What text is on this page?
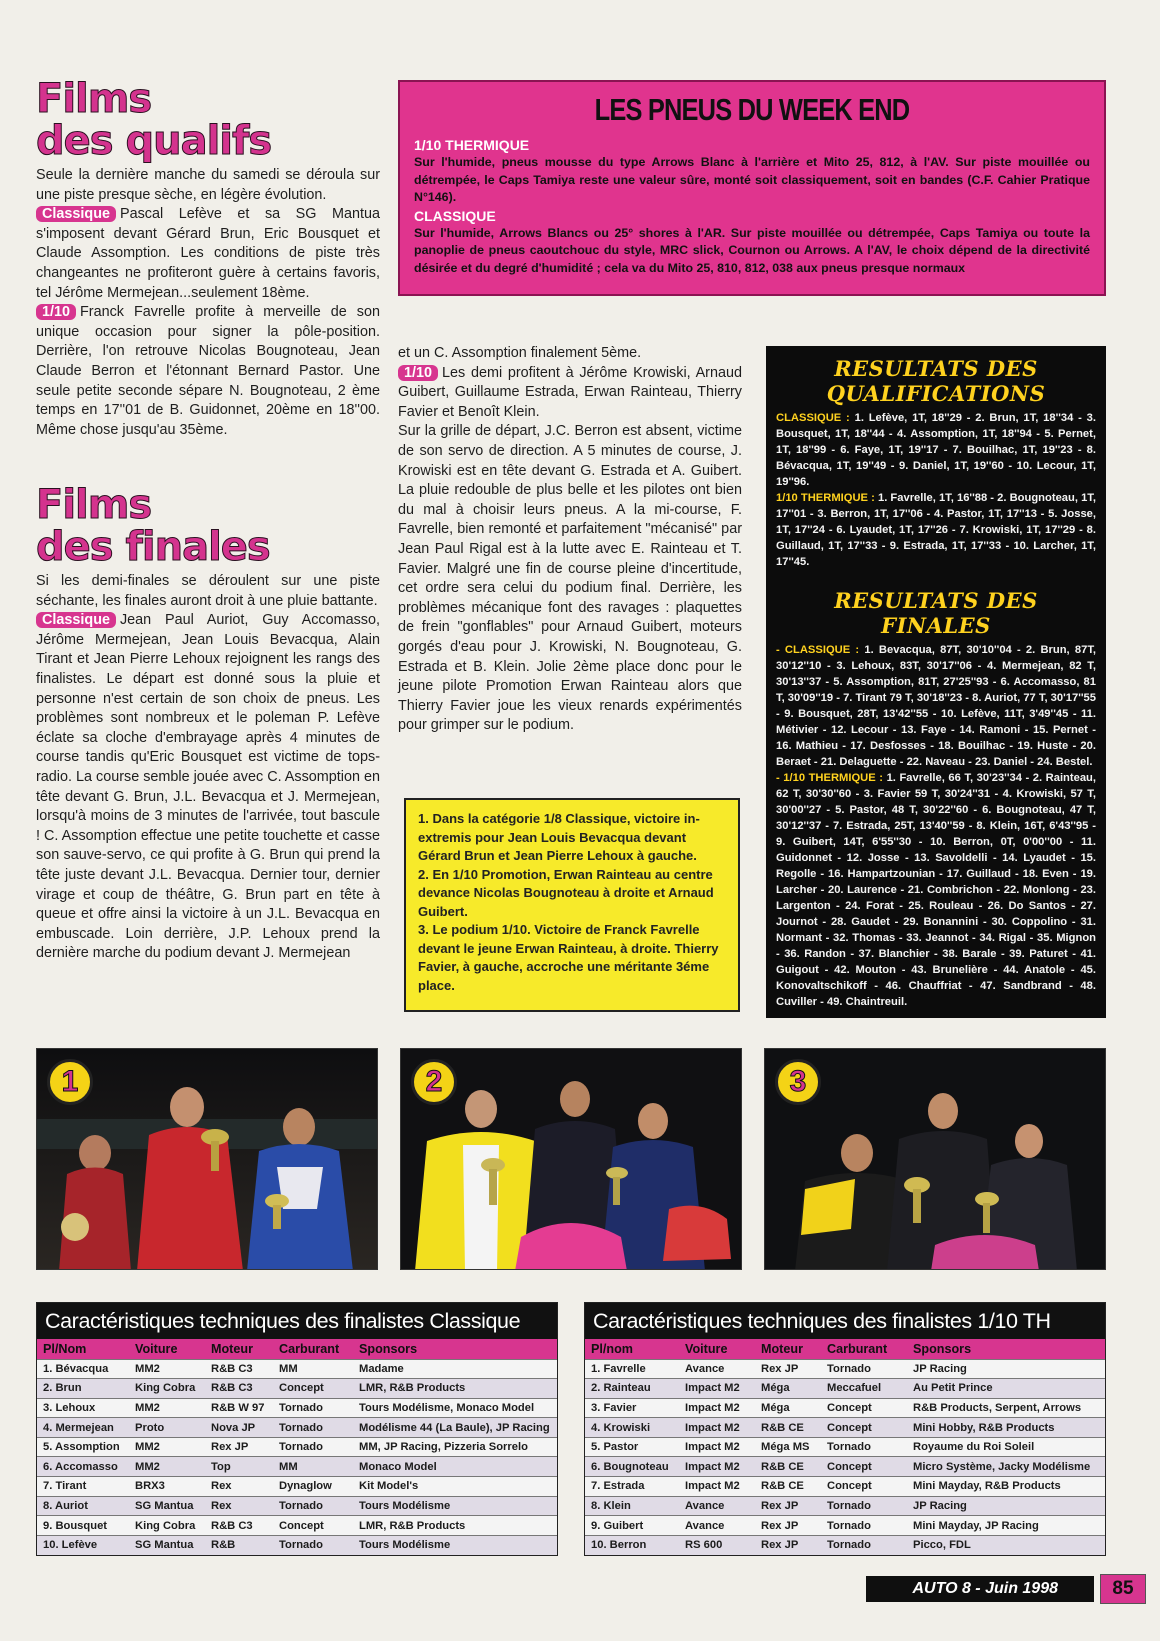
Films
des qualifs

Seule la dernière manche du samedi se déroula sur une piste presque sèche, en légère évolution.

Classique Pascal Lefève et sa SG Mantua s'imposent devant Gérard Brun, Eric Bousquet et Claude Assomption. Les conditions de piste très changeantes ne profiteront guère à certains favoris, tel Jérôme Mermejean...seulement 18ème.

1/10 Franck Favrelle profite à merveille de son unique occasion pour signer la pôle-position. Derrière, l'on retrouve Nicolas Bougnoteau, Jean Claude Berron et l'étonnant Bernard Pastor. Une seule petite seconde sépare N. Bougnoteau, 2 ème temps en 17''01 de B. Guidonnet, 20ème en 18''00. Même chose jusqu'au 35ème.

Films
des finales

Si les demi-finales se déroulent sur une piste séchante, les finales auront droit à une pluie battante.

Classique Jean Paul Auriot, Guy Accomasso, Jérôme Mermejean, Jean Louis Bevacqua, Alain Tirant et Jean Pierre Lehoux rejoignent les rangs des finalistes. Le départ est donné sous la pluie et personne n'est certain de son choix de pneus. Les problèmes sont nombreux et le poleman P. Lefève éclate sa cloche d'embrayage après 4 minutes de course tandis qu'Eric Bousquet est victime de tops-radio. La course semble jouée avec C. Assomption en tête devant G. Brun, J.L. Bevacqua et J. Mermejean, lorsqu'à moins de 3 minutes de l'arrivée, tout bascule ! C. Assomption effectue une petite touchette et casse son sauve-servo, ce qui profite à G. Brun qui prend la tête juste devant J.L. Bevacqua. Dernier tour, dernier virage et coup de théâtre, G. Brun part en tête à queue et offre ainsi la victoire à un J.L. Bevacqua en embuscade. Loin derrière, J.P. Lehoux prend la dernière marche du podium devant J. Mermejean

LES PNEUS DU WEEK END
1/10 THERMIQUE
Sur l'humide, pneus mousse du type Arrows Blanc à l'arrière et Mito 25, 812, à l'AV. Sur piste mouillée ou détrempée, le Caps Tamiya reste une valeur sûre, monté soit classiquement, soit en bandes (C.F. Cahier Pratique N°146).
CLASSIQUE
Sur l'humide, Arrows Blancs ou 25° shores à l'AR. Sur piste mouillée ou détrempée, Caps Tamiya ou toute la panoplie de pneus caoutchouc du style, MRC slick, Cournon ou Arrows. A l'AV, le choix dépend de la directivité désirée et du degré d'humidité ; cela va du Mito 25, 810, 812, 038 aux pneus presque normaux

et un C. Assomption finalement 5ème.

1/10 Les demi profitent à Jérôme Krowiski, Arnaud Guibert, Guillaume Estrada, Erwan Rainteau, Thierry Favier et Benoît Klein.

Sur la grille de départ, J.C. Berron est absent, victime de son servo de direction. A 5 minutes de course, J. Krowiski est en tête devant G. Estrada et A. Guibert. La pluie redouble de plus belle et les pilotes ont bien du mal à choisir leurs pneus. A la mi-course, F. Favrelle, bien remonté et parfaitement "mécanisé" par Jean Paul Rigal est à la lutte avec E. Rainteau et T. Favier. Malgré une fin de course pleine d'incertitude, cet ordre sera celui du podium final. Derrière, les problèmes mécanique font des ravages : plaquettes de frein "gonflables" pour Arnaud Guibert, moteurs gorgés d'eau pour J. Krowiski, N. Bougnoteau, G. Estrada et B. Klein. Jolie 2ème place donc pour le jeune pilote Promotion Erwan Rainteau alors que Thierry Favier joue les vieux renards expérimentés pour grimper sur le podium.

1. Dans la catégorie 1/8 Classique, victoire in-extremis pour Jean Louis Bevacqua devant Gérard Brun et Jean Pierre Lehoux à gauche.

2. En 1/10 Promotion, Erwan Rainteau au centre devance Nicolas Bougnoteau à droite et Arnaud Guibert.

3. Le podium 1/10. Victoire de Franck Favrelle devant le jeune Erwan Rainteau, à droite. Thierry Favier, à gauche, accroche une méritante 3éme place.

RESULTATS DES QUALIFICATIONS
CLASSIQUE : 1. Lefève, 1T, 18''29 - 2. Brun, 1T, 18''34 - 3. Bousquet, 1T, 18''44 - 4. Assomption, 1T, 18''94 - 5. Pernet, 1T, 18''99 - 6. Faye, 1T, 19''17 - 7. Bouilhac, 1T, 19''23 - 8. Bévacqua, 1T, 19''49 - 9. Daniel, 1T, 19''60 - 10. Lecour, 1T, 19''96.
1/10 THERMIQUE : 1. Favrelle, 1T, 16''88 - 2. Bougnoteau, 1T, 17''01 - 3. Berron, 1T, 17''06 - 4. Pastor, 1T, 17''13 - 5. Josse, 1T, 17''24 - 6. Lyaudet, 1T, 17''26 - 7. Krowiski, 1T, 17''29 - 8. Guillaud, 1T, 17''33 - 9. Estrada, 1T, 17''33 - 10. Larcher, 1T, 17''45.
RESULTATS DES FINALES
- CLASSIQUE : 1. Bevacqua, 87T, 30'10''04 - 2. Brun, 87T, 30'12''10 - 3. Lehoux, 83T, 30'17''06 - 4. Mermejean, 82 T, 30'13''37 - 5. Assomption, 81T, 27'25''93 - 6. Accomasso, 81 T, 30'09''19 - 7. Tirant 79 T, 30'18''23 - 8. Auriot, 77 T, 30'17''55 - 9. Bousquet, 28T, 13'42''55 - 10. Lefève, 11T, 3'49''45 - 11. Métivier - 12. Lecour - 13. Faye - 14. Ramoni - 15. Pernet - 16. Mathieu - 17. Desfosses - 18. Bouilhac - 19. Huste - 20. Beraet - 21. Delaguette - 22. Naveau - 23. Daniel - 24. Bestel.
- 1/10 THERMIQUE : 1. Favrelle, 66 T, 30'23''34 - 2. Rainteau, 62 T, 30'30''60 - 3. Favier 59 T, 30'24''31 - 4. Krowiski, 57 T, 30'00''27 - 5. Pastor, 48 T, 30'22''60 - 6. Bougnoteau, 47 T, 30'12''37 - 7. Estrada, 25T, 13'40''59 - 8. Klein, 16T, 6'43''95 - 9. Guibert, 14T, 6'55''30 - 10. Berron, 0T, 0'00''00 - 11. Guidonnet - 12. Josse - 13. Savoldelli - 14. Lyaudet - 15. Regolle - 16. Hampartzounian - 17. Guillaud - 18. Even - 19. Larcher - 20. Laurence - 21. Combrichon - 22. Monlong - 23. Largenton - 24. Forat - 25. Rouleau - 26. Do Santos - 27. Journot - 28. Gaudet - 29. Bonannini - 30. Coppolino - 31. Normant - 32. Thomas - 33. Jeannot - 34. Rigal - 35. Mignon - 36. Randon - 37. Blanchier - 38. Barale - 39. Paturet - 41. Guigout - 42. Mouton - 43. Brunelière - 44. Anatole - 45. Konovaltschikoff - 46. Chauffriat - 47. Sandbrand - 48. Cuviller - 49. Chaintreuil.
1	2	3
Caractéristiques techniques des finalistes Classique
Pl/Nom	Voiture	Moteur	Carburant	Sponsors
1. Bévacqua	MM2	R&B C3	MM	Madame
2. Brun	King Cobra	R&B C3	Concept	LMR, R&B Products
3. Lehoux	MM2	R&B W 97	Tornado	Tours Modélisme, Monaco Model
4. Mermejean	Proto	Nova JP	Tornado	Modélisme 44 (La Baule), JP Racing
5. Assomption	MM2	Rex JP	Tornado	MM, JP Racing, Pizzeria Sorrelo
6. Accomasso	MM2	Top	MM	Monaco Model
7. Tirant	BRX3	Rex	Dynaglow	Kit Model's
8. Auriot	SG Mantua	Rex	Tornado	Tours Modélisme
9. Bousquet	King Cobra	R&B C3	Concept	LMR, R&B Products
10. Lefève	SG Mantua	R&B	Tornado	Tours Modélisme
Caractéristiques techniques des finalistes 1/10 TH
Pl/nom	Voiture	Moteur	Carburant	Sponsors
1. Favrelle	Avance	Rex JP	Tornado	JP Racing
2. Rainteau	Impact M2	Méga	Meccafuel	Au Petit Prince
3. Favier	Impact M2	Méga	Concept	R&B Products, Serpent, Arrows
4. Krowiski	Impact M2	R&B CE	Concept	Mini Hobby, R&B Products
5. Pastor	Impact M2	Méga MS	Tornado	Royaume du Roi Soleil
6. Bougnoteau	Impact M2	R&B CE	Concept	Micro Système, Jacky Modélisme
7. Estrada	Impact M2	R&B CE	Concept	Mini Mayday, R&B Products
8. Klein	Avance	Rex JP	Tornado	JP Racing
9. Guibert	Avance	Rex JP	Tornado	Mini Mayday, JP Racing
10. Berron	RS 600	Rex JP	Tornado	Picco, FDL
AUTO 8 - Juin 1998	85
